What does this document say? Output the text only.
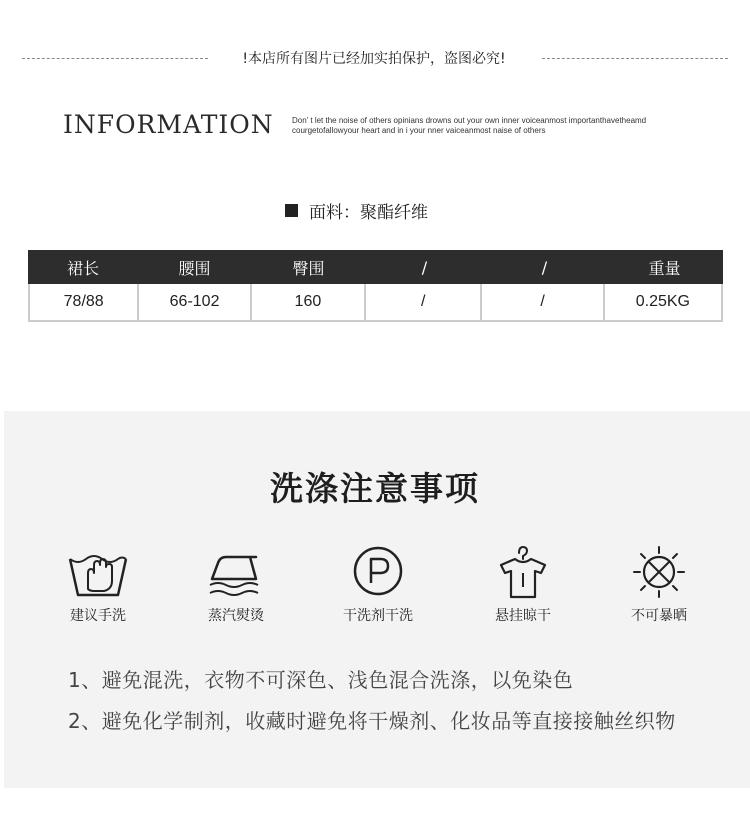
!本店所有图片已经加实拍保护，盗图必究!
INFORMATION Don’ t let the noise of others opinians drowns out your own inner voiceanmost importanthavetheamd
courgetofallowyour heart and in i your nner vaiceanmost naise of others
面料：聚酯纤维
裙长	腰围	臀围	/	/	重量
78/88	66-102	160	/	/	0.25KG
洗涤注意事项
建议手洗	蒸汽熨烫	干洗剂干洗	悬挂晾干	不可暴晒
1、避免混洗，衣物不可深色、浅色混合洗涤，以免染色
2、避免化学制剂，收藏时避免将干燥剂、化妆品等直接接触丝织物
